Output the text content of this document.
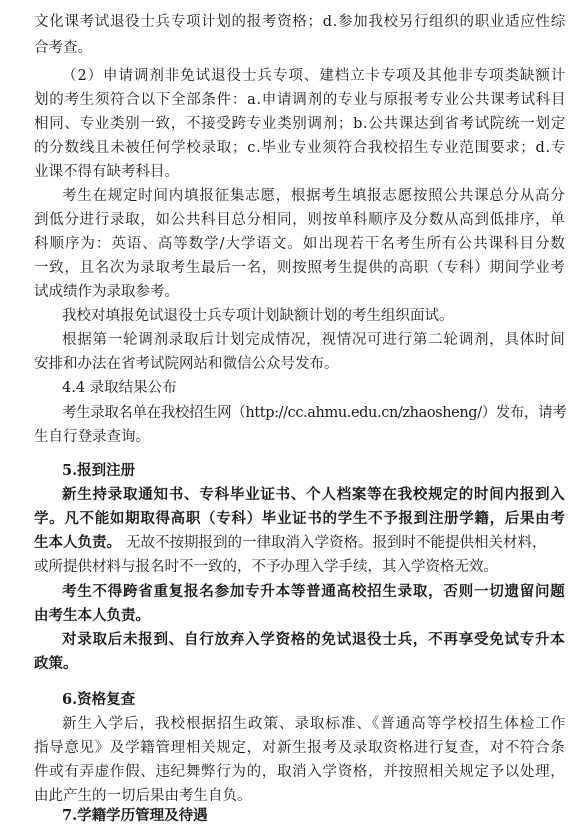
文化课考试退役士兵专项计划的报考资格；d.参加我校另行组织的职业适应性综
合考查。
（2）申请调剂非免试退役士兵专项、建档立卡专项及其他非专项类缺额计
划的考生须符合以下全部条件：a.申请调剂的专业与原报考专业公共课考试科目
相同、专业类别一致，不接受跨专业类别调剂；b.公共课达到省考试院统一划定
的分数线且未被任何学校录取；c.毕业专业须符合我校招生专业范围要求；d.专
业课不得有缺考科目。
考生在规定时间内填报征集志愿，根据考生填报志愿按照公共课总分从高分
到低分进行录取，如公共科目总分相同，则按单科顺序及分数从高到低排序，单
科顺序为：英语、高等数学/大学语文。如出现若干名考生所有公共课科目分数
一致，且名次为录取考生最后一名，则按照考生提供的高职（专科）期间学业考
试成绩作为录取参考。
我校对填报免试退役士兵专项计划缺额计划的考生组织面试。
根据第一轮调剂录取后计划完成情况，视情况可进行第二轮调剂，具体时间
安排和办法在省考试院网站和微信公众号发布。
4.4 录取结果公布
考生录取名单在我校招生网（http://cc.ahmu.edu.cn/zhaosheng/）发布，请考
生自行登录查询。
5.报到注册
新生持录取通知书、专科毕业证书、个人档案等在我校规定的时间内报到入
学。凡不能如期取得高职（专科）毕业证书的学生不予报到注册学籍，后果由考
生本人负责。 无故不按期报到的一律取消入学资格。报到时不能提供相关材料，
或所提供材料与报名时不一致的，不予办理入学手续，其入学资格无效。
考生不得跨省重复报名参加专升本等普通高校招生录取，否则一切遗留问题
由考生本人负责。
对录取后未报到、自行放弃入学资格的免试退役士兵，不再享受免试专升本
政策。
6.资格复查
新生入学后，我校根据招生政策、录取标准、《普通高等学校招生体检工作
指导意见》及学籍管理相关规定，对新生报考及录取资格进行复查，对不符合条
件或有弄虚作假、违纪舞弊行为的，取消入学资格，并按照相关规定予以处理，
由此产生的一切后果由考生自负。
7.学籍学历管理及待遇
